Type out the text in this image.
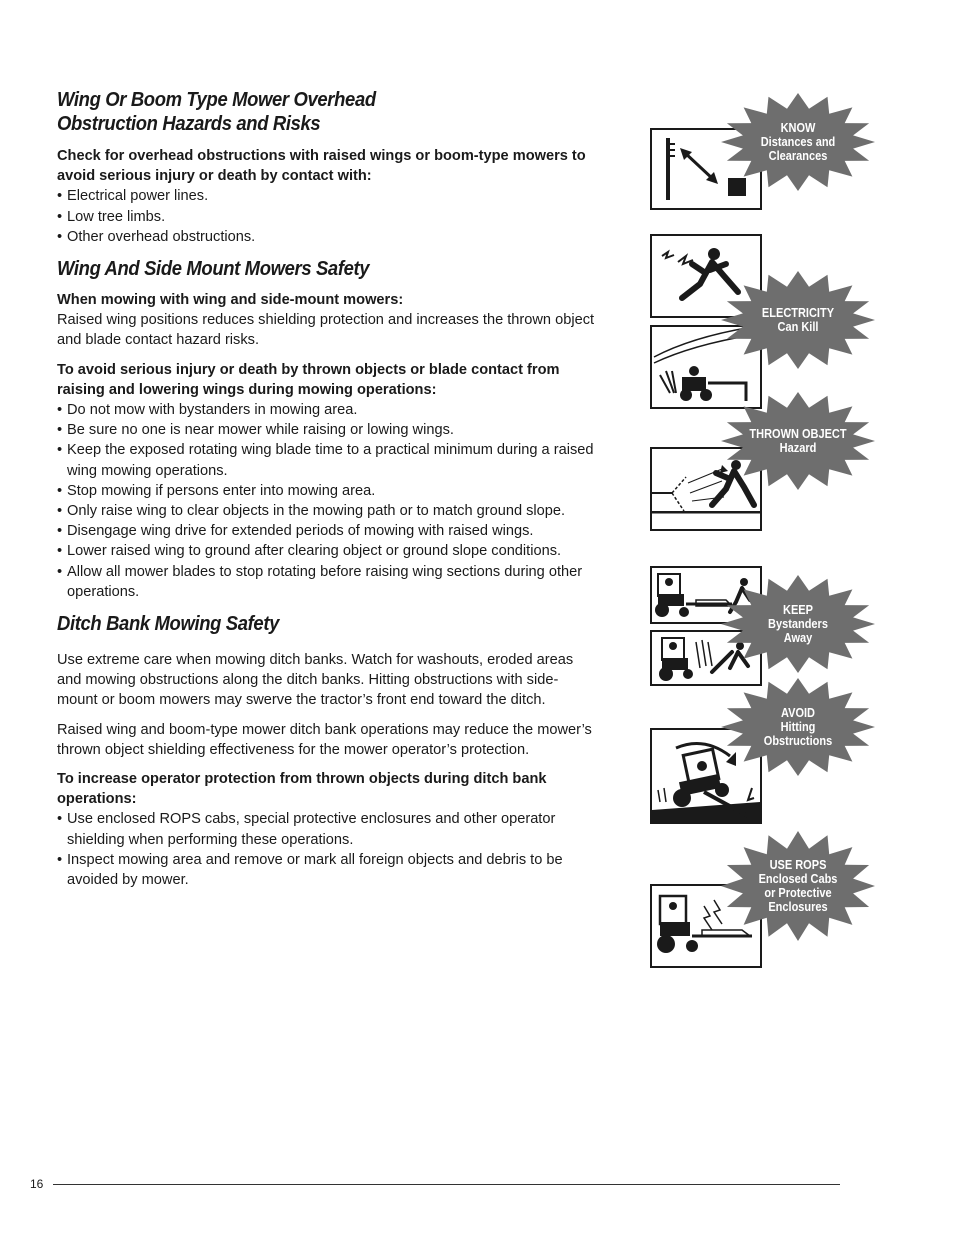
Wing Or Boom Type Mower Overhead
Obstruction Hazards and Risks

Check for overhead obstructions with raised wings or boom-type mowers to avoid serious injury or death by contact with:

• Electrical power lines.
• Low tree limbs.
• Other overhead obstructions.
Wing And Side Mount Mowers Safety

When mowing with wing and side-mount mowers:

Raised wing positions reduces shielding protection and increases the thrown object and blade contact hazard risks.

To avoid serious injury or death by thrown objects or blade contact from raising and lowering wings during mowing operations:

• Do not mow with bystanders in mowing area.
• Be sure no one is near mower while raising or lowing wings.
• Keep the exposed rotating wing blade time to a practical minimum during a raised wing mowing operations.
• Stop mowing if persons enter into mowing area.
• Only raise wing to clear objects in the mowing path or to match ground slope.
• Disengage wing drive for extended periods of mowing with raised wings.
• Lower raised wing to ground after clearing object or ground slope conditions.
• Allow all mower blades to stop rotating before raising wing sections during other operations.
Ditch Bank Mowing Safety

Use extreme care when mowing ditch banks. Watch for washouts, eroded areas and mowing obstructions along the ditch banks. Hitting obstructions with side-mount or boom mowers may swerve the tractor’s front end toward the ditch.

Raised wing and boom-type mower ditch bank operations may reduce the mower’s thrown object shielding effectiveness for the mower operator’s protection.

To increase operator protection from thrown objects during ditch bank operations:

• Use enclosed ROPS cabs, special protective enclosures and other operator shielding when performing these operations.
• Inspect mowing area and remove or mark all foreign objects and debris to be avoided by mower.
KNOW
Distances and
Clearances
ELECTRICITY
Can Kill
THROWN OBJECT
Hazard
KEEP
Bystanders
Away
AVOID
Hitting
Obstructions
USE ROPS
Enclosed Cabs
or Protective
Enclosures
16
